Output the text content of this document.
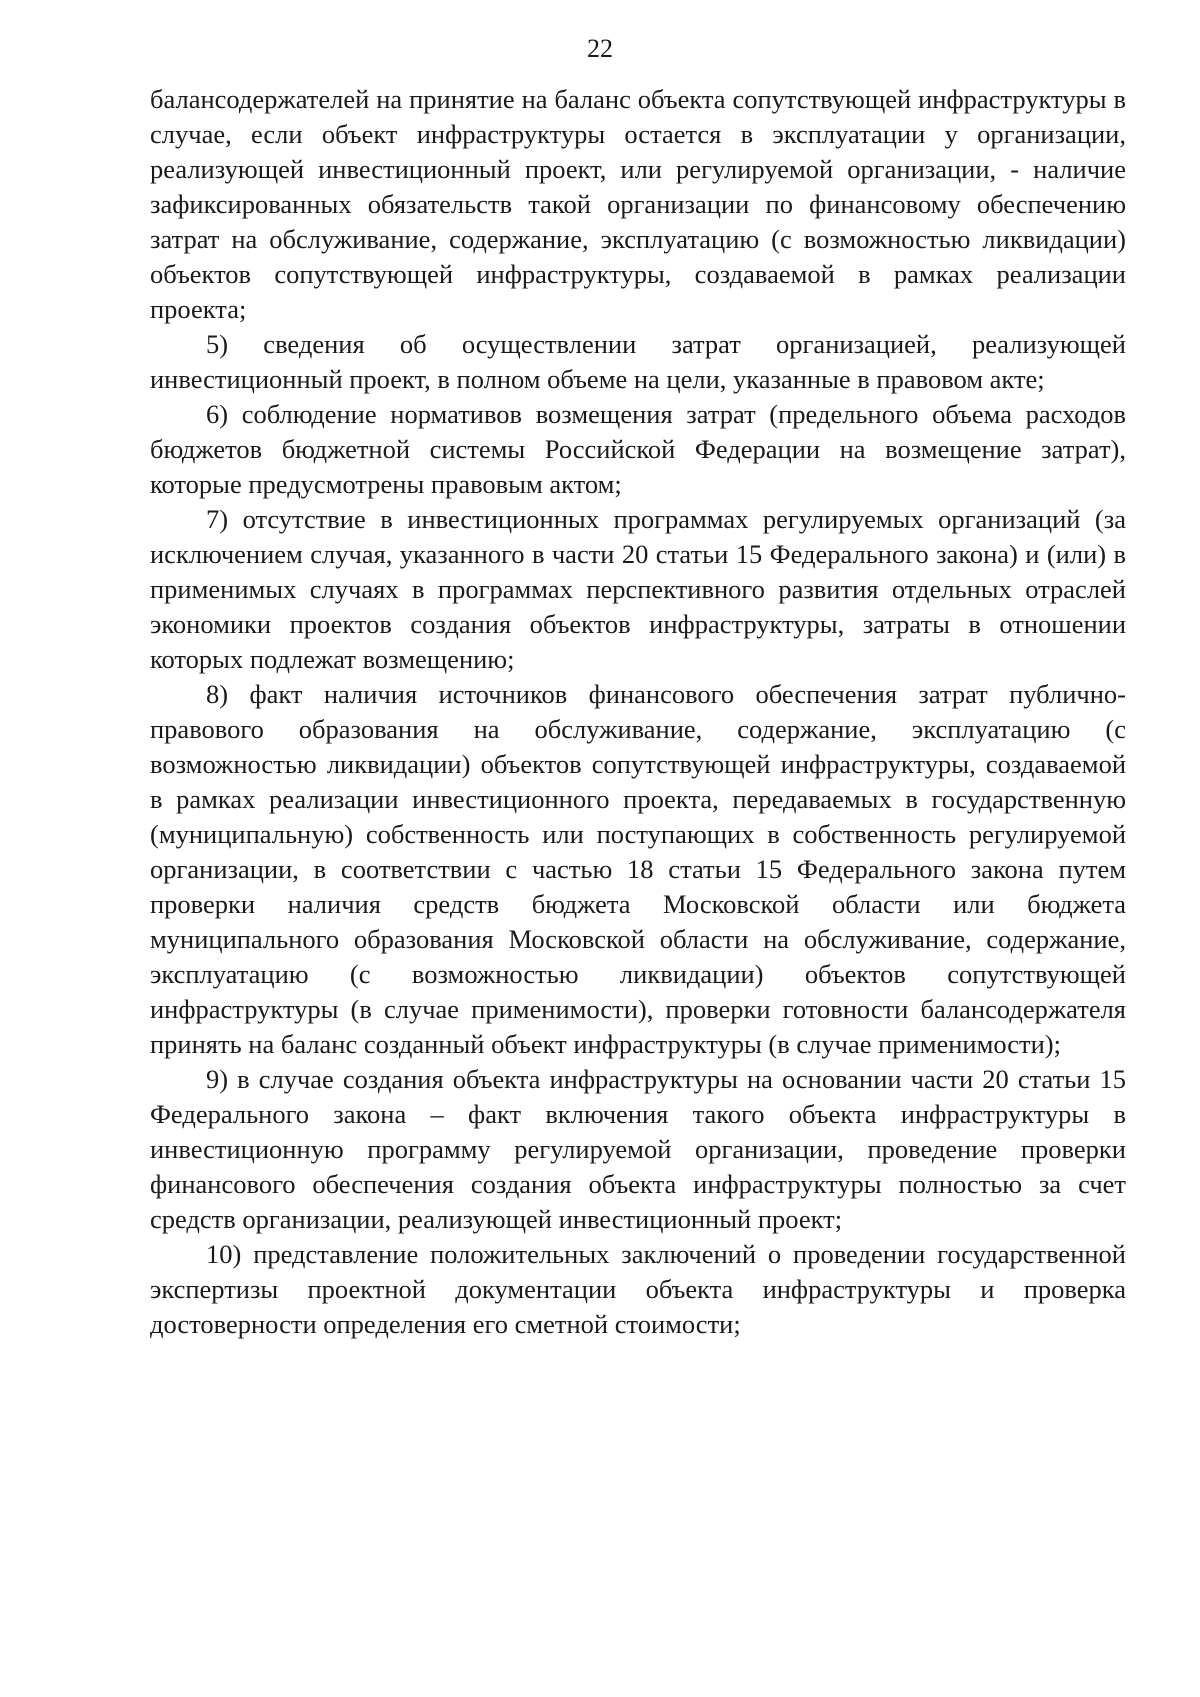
22

балансодержателей на принятие на баланс объекта сопутствующей инфраструктуры в случае, если объект инфраструктуры остается в эксплуатации у организации, реализующей инвестиционный проект, или регулируемой организации, - наличие зафиксированных обязательств такой организации по финансовому обеспечению затрат на обслуживание, содержание, эксплуатацию (с возможностью ликвидации) объектов сопутствующей инфраструктуры, создаваемой в рамках реализации проекта;

5) сведения об осуществлении затрат организацией, реализующей инвестиционный проект, в полном объеме на цели, указанные в правовом акте;

6) соблюдение нормативов возмещения затрат (предельного объема расходов бюджетов бюджетной системы Российской Федерации на возмещение затрат), которые предусмотрены правовым актом;

7) отсутствие в инвестиционных программах регулируемых организаций (за исключением случая, указанного в части 20 статьи 15 Федерального закона) и (или) в применимых случаях в программах перспективного развития отдельных отраслей экономики проектов создания объектов инфраструктуры, затраты в отношении которых подлежат возмещению;

8) факт наличия источников финансового обеспечения затрат публично-правового образования на обслуживание, содержание, эксплуатацию (с возможностью ликвидации) объектов сопутствующей инфраструктуры, создаваемой в рамках реализации инвестиционного проекта, передаваемых в государственную (муниципальную) собственность или поступающих в собственность регулируемой организации, в соответствии с частью 18 статьи 15 Федерального закона путем проверки наличия средств бюджета Московской области или бюджета муниципального образования Московской области на обслуживание, содержание, эксплуатацию (с возможностью ликвидации) объектов сопутствующей инфраструктуры (в случае применимости), проверки готовности балансодержателя принять на баланс созданный объект инфраструктуры (в случае применимости);

9) в случае создания объекта инфраструктуры на основании части 20 статьи 15 Федерального закона – факт включения такого объекта инфраструктуры в инвестиционную программу регулируемой организации, проведение проверки финансового обеспечения создания объекта инфраструктуры полностью за счет средств организации, реализующей инвестиционный проект;

10) представление положительных заключений о проведении государственной экспертизы проектной документации объекта инфраструктуры и проверка достоверности определения его сметной стоимости;
